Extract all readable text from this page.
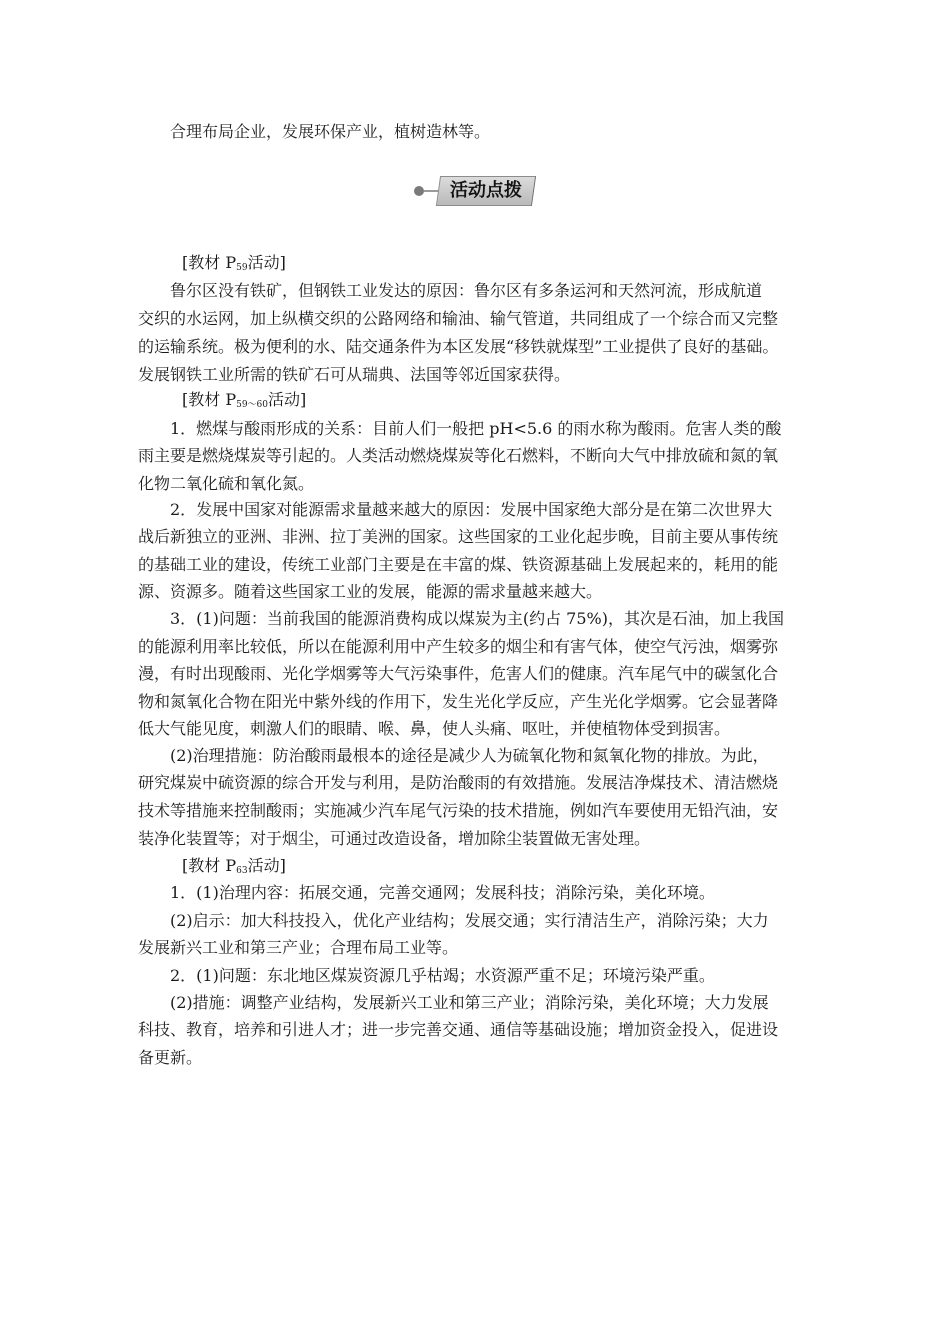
合理布局企业，发展环保产业，植树造林等。
活动点拨
[教材 $P_{59}$活动]
鲁尔区没有铁矿，但钢铁工业发达的原因：鲁尔区有多条运河和天然河流，形成航道
交织的水运网，加上纵横交织的公路网络和输油、输气管道，共同组成了一个综合而又完整
的运输系统。极为便利的水、陆交通条件为本区发展“移铁就煤型”工业提供了良好的基础。
发展钢铁工业所需的铁矿石可从瑞典、法国等邻近国家获得。
[教材 $P_{59\sim 60}$活动]
1．燃煤与酸雨形成的关系：目前人们一般把 pH<5.6 的雨水称为酸雨。危害人类的酸
雨主要是燃烧煤炭等引起的。人类活动燃烧煤炭等化石燃料，不断向大气中排放硫和氮的氧
化物二氧化硫和氧化氮。
2．发展中国家对能源需求量越来越大的原因：发展中国家绝大部分是在第二次世界大
战后新独立的亚洲、非洲、拉丁美洲的国家。这些国家的工业化起步晚，目前主要从事传统
的基础工业的建设，传统工业部门主要是在丰富的煤、铁资源基础上发展起来的，耗用的能
源、资源多。随着这些国家工业的发展，能源的需求量越来越大。
3．(1)问题：当前我国的能源消费构成以煤炭为主(约占 75%)，其次是石油，加上我国
的能源利用率比较低，所以在能源利用中产生较多的烟尘和有害气体，使空气污浊，烟雾弥
漫，有时出现酸雨、光化学烟雾等大气污染事件，危害人们的健康。汽车尾气中的碳氢化合
物和氮氧化合物在阳光中紫外线的作用下，发生光化学反应，产生光化学烟雾。它会显著降
低大气能见度，刺激人们的眼睛、喉、鼻，使人头痛、呕吐，并使植物体受到损害。
(2)治理措施：防治酸雨最根本的途径是减少人为硫氧化物和氮氧化物的排放。为此，
研究煤炭中硫资源的综合开发与利用，是防治酸雨的有效措施。发展洁净煤技术、清洁燃烧
技术等措施来控制酸雨；实施减少汽车尾气污染的技术措施，例如汽车要使用无铅汽油，安
装净化装置等；对于烟尘，可通过改造设备，增加除尘装置做无害处理。
[教材 $P_{63}$活动]
1．(1)治理内容：拓展交通，完善交通网；发展科技；消除污染，美化环境。
(2)启示：加大科技投入，优化产业结构；发展交通；实行清洁生产，消除污染；大力
发展新兴工业和第三产业；合理布局工业等。
2．(1)问题：东北地区煤炭资源几乎枯竭；水资源严重不足；环境污染严重。
(2)措施：调整产业结构，发展新兴工业和第三产业；消除污染，美化环境；大力发展
科技、教育，培养和引进人才；进一步完善交通、通信等基础设施；增加资金投入，促进设
备更新。
